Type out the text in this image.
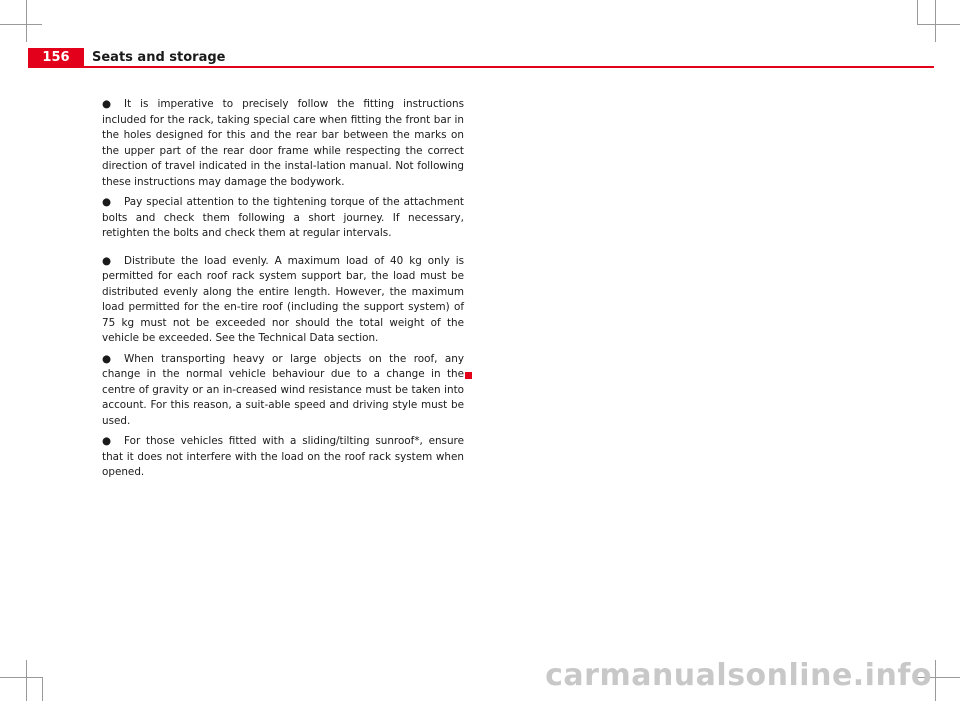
156	Seats and storage
●	It is imperative to precisely follow the fitting instructions included for the rack, taking special care when fitting the front bar in the holes designed for this and the rear bar between the marks on the upper part of the rear door frame while respecting the correct direction of travel indicated in the instal-lation manual. Not following these instructions may damage the bodywork.
●	Pay special attention to the tightening torque of the attachment bolts and check them following a short journey. If necessary, retighten the bolts and check them at regular intervals.
●	Distribute the load evenly. A maximum load of 40 kg only is permitted for each roof rack system support bar, the load must be distributed evenly along the entire length. However, the maximum load permitted for the en-tire roof (including the support system) of 75 kg must not be exceeded nor should the total weight of the vehicle be exceeded. See the Technical Data section.
●	When transporting heavy or large objects on the roof, any change in the normal vehicle behaviour due to a change in the centre of gravity or an in-creased wind resistance must be taken into account. For this reason, a suit-able speed and driving style must be used.
●	For those vehicles fitted with a sliding/tilting sunroof*, ensure that it does not interfere with the load on the roof rack system when opened.
carmanualsonline.info
